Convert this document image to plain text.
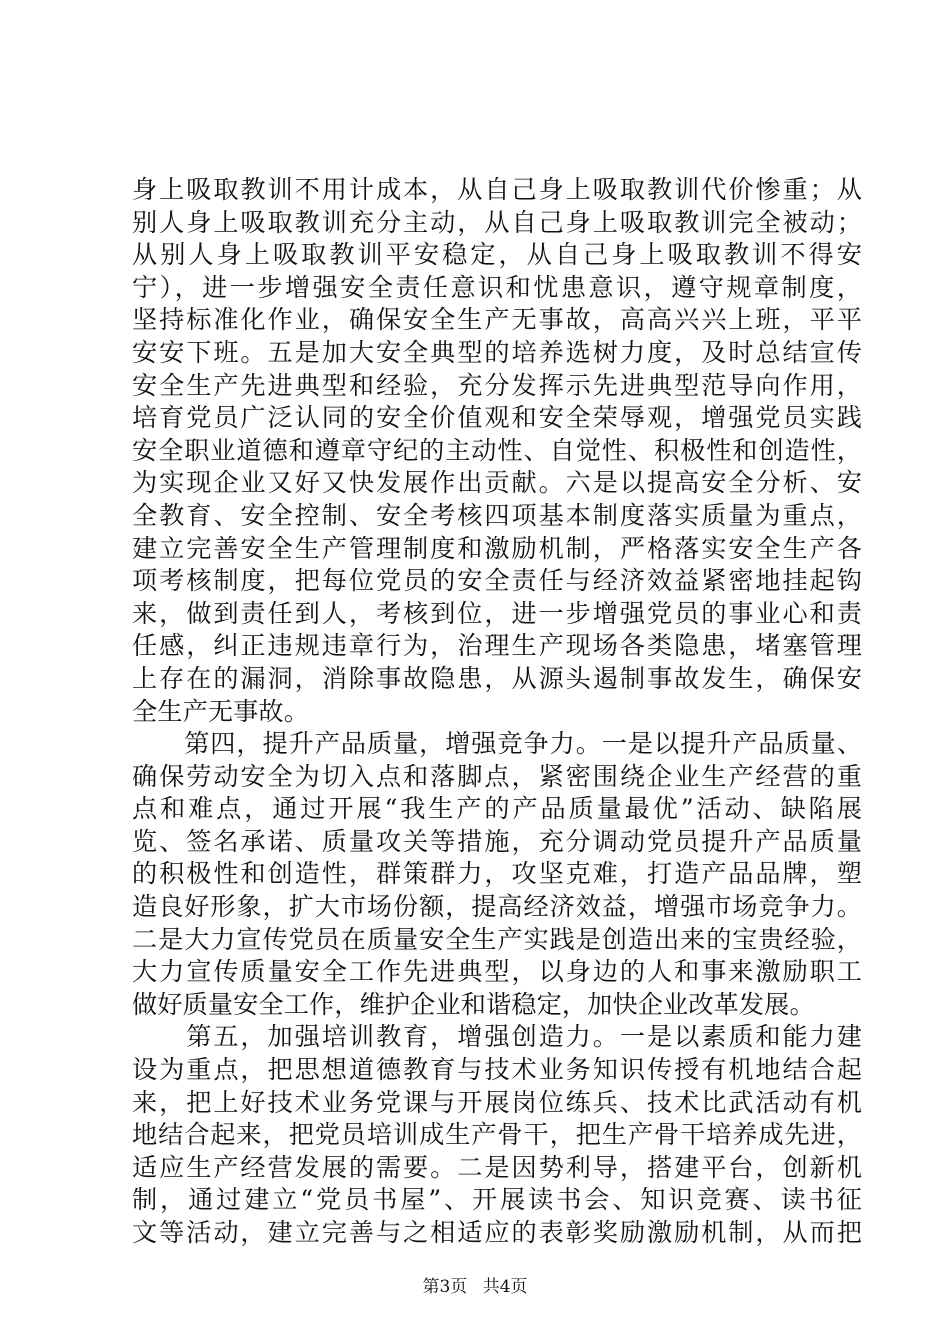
身上吸取教训不用计成本，从自己身上吸取教训代价惨重；从
别人身上吸取教训充分主动，从自己身上吸取教训完全被动；
从别人身上吸取教训平安稳定，从自己身上吸取教训不得安
宁），进一步增强安全责任意识和忧患意识，遵守规章制度，
坚持标准化作业，确保安全生产无事故，高高兴兴上班，平平
安安下班。五是加大安全典型的培养选树力度，及时总结宣传
安全生产先进典型和经验，充分发挥示先进典型范导向作用，
培育党员广泛认同的安全价值观和安全荣辱观，增强党员实践
安全职业道德和遵章守纪的主动性、自觉性、积极性和创造性，
为实现企业又好又快发展作出贡献。六是以提高安全分析、安
全教育、安全控制、安全考核四项基本制度落实质量为重点，
建立完善安全生产管理制度和激励机制，严格落实安全生产各
项考核制度，把每位党员的安全责任与经济效益紧密地挂起钩
来，做到责任到人，考核到位，进一步增强党员的事业心和责
任感，纠正违规违章行为，治理生产现场各类隐患，堵塞管理
上存在的漏洞，消除事故隐患，从源头遏制事故发生，确保安
全生产无事故。
　　第四，提升产品质量，增强竞争力。一是以提升产品质量、
确保劳动安全为切入点和落脚点，紧密围绕企业生产经营的重
点和难点，通过开展“我生产的产品质量最优”活动、缺陷展
览、签名承诺、质量攻关等措施，充分调动党员提升产品质量
的积极性和创造性，群策群力，攻坚克难，打造产品品牌，塑
造良好形象，扩大市场份额，提高经济效益，增强市场竞争力。
二是大力宣传党员在质量安全生产实践是创造出来的宝贵经验，
大力宣传质量安全工作先进典型，以身边的人和事来激励职工
做好质量安全工作，维护企业和谐稳定，加快企业改革发展。
　　第五，加强培训教育，增强创造力。一是以素质和能力建
设为重点，把思想道德教育与技术业务知识传授有机地结合起
来，把上好技术业务党课与开展岗位练兵、技术比武活动有机
地结合起来，把党员培训成生产骨干，把生产骨干培养成先进，
适应生产经营发展的需要。二是因势利导，搭建平台，创新机
制，通过建立“党员书屋”、开展读书会、知识竞赛、读书征
文等活动，建立完善与之相适应的表彰奖励激励机制，从而把
第3页 共4页
